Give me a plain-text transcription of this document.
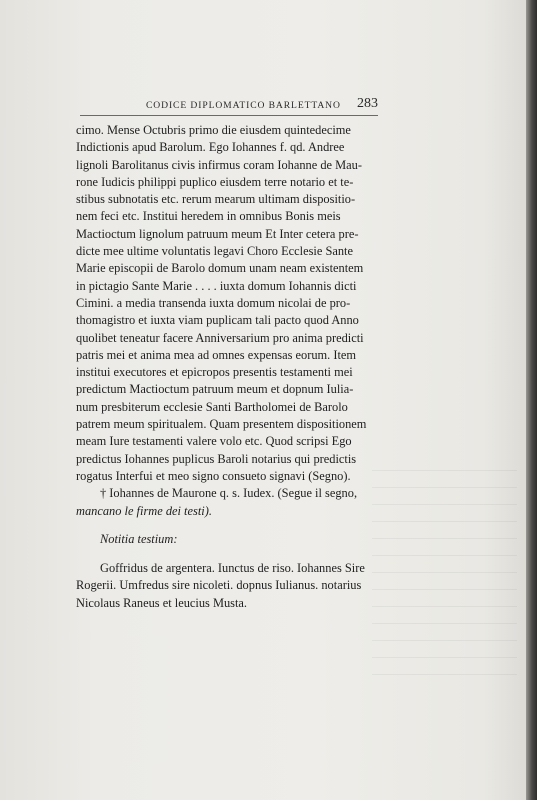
CODICE DIPLOMATICO BARLETTANO 283
cimo. Mense Octubris primo die eiusdem quintedecime
Indictionis apud Barolum. Ego Iohannes f. qd. Andree
lignoli Barolitanus civis infirmus coram Iohanne de Mau-
rone Iudicis philippi puplico eiusdem terre notario et te-
stibus subnotatis etc. rerum mearum ultimam dispositio-
nem feci etc. Institui heredem in omnibus Bonis meis
Mactioctum lignolum patruum meum Et Inter cetera pre-
dicte mee ultime voluntatis legavi Choro Ecclesie Sante
Marie episcopii de Barolo domum unam neam existentem
in pictagio Sante Marie . . . . iuxta domum Iohannis dicti
Cimini. a media transenda iuxta domum nicolai de pro-
thomagistro et iuxta viam puplicam tali pacto quod Anno
quolibet teneatur facere Anniversarium pro anima predicti
patris mei et anima mea ad omnes expensas eorum. Item
institui executores et epicropos presentis testamenti mei
predictum Mactioctum patruum meum et dopnum Iulia-
num presbiterum ecclesie Santi Bartholomei de Barolo
patrem meum spiritualem. Quam presentem dispositionem
meam Iure testamenti valere volo etc. Quod scripsi Ego
predictus Iohannes puplicus Baroli notarius qui predictis
rogatus Interfui et meo signo consueto signavi (Segno).
† Iohannes de Maurone q. s. Iudex. (Segue il segno,
mancano le firme dei testi).
Notitia testium:
Goffridus de argentera. Iunctus de riso. Iohannes Sire
Rogerii. Umfredus sire nicoleti. dopnus Iulianus. notarius
Nicolaus Raneus et leucius Musta.
